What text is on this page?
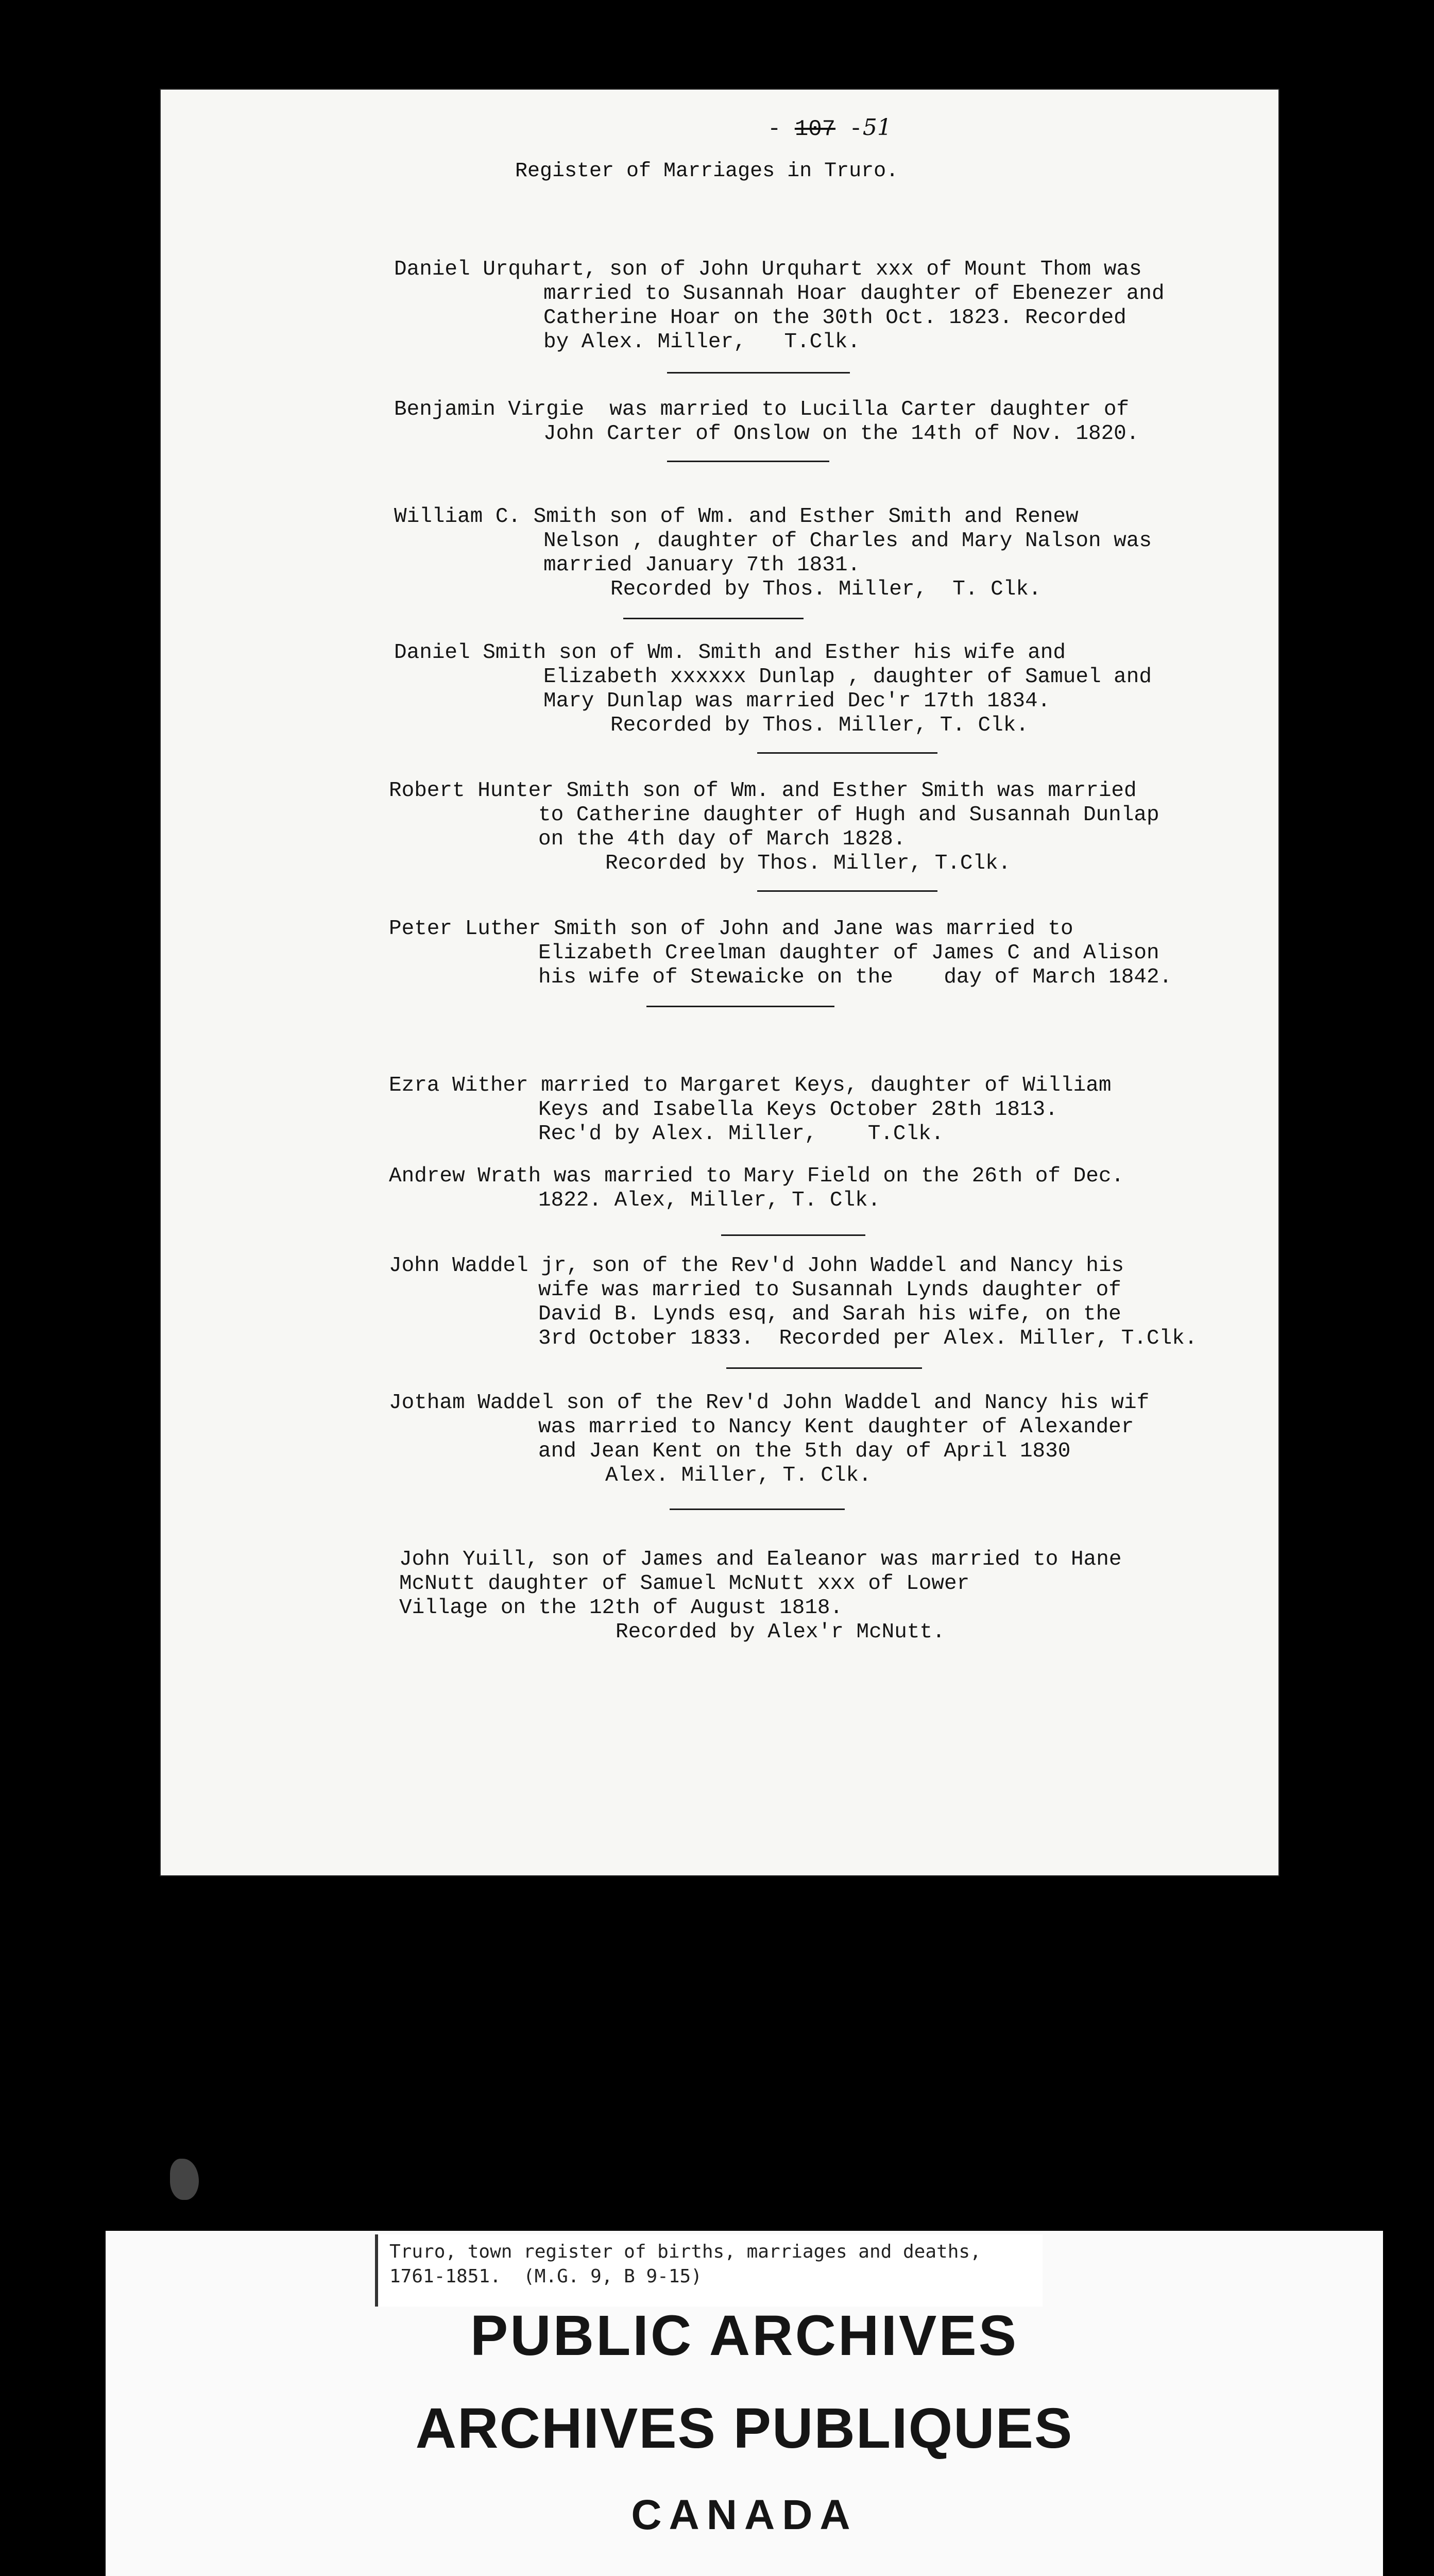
- 107 -51
Register of Marriages in Truro.
Daniel Urquhart, son of John Urquhart xxx of Mount Thom was
married to Susannah Hoar daughter of Ebenezer and
Catherine Hoar on the 30th Oct. 1823. Recorded
by Alex. Miller,   T.Clk.
Benjamin Virgie  was married to Lucilla Carter daughter of
John Carter of Onslow on the 14th of Nov. 1820.
William C. Smith son of Wm. and Esther Smith and Renew
Nelson , daughter of Charles and Mary Nalson was
married January 7th 1831.
Recorded by Thos. Miller,  T. Clk.
Daniel Smith son of Wm. Smith and Esther his wife and
Elizabeth xxxxxx Dunlap , daughter of Samuel and
Mary Dunlap was married Dec'r 17th 1834.
Recorded by Thos. Miller, T. Clk.
Robert Hunter Smith son of Wm. and Esther Smith was married
to Catherine daughter of Hugh and Susannah Dunlap
on the 4th day of March 1828.
Recorded by Thos. Miller, T.Clk.
Peter Luther Smith son of John and Jane was married to
Elizabeth Creelman daughter of James C and Alison
his wife of Stewaicke on the    day of March 1842.
Ezra Wither married to Margaret Keys, daughter of William
Keys and Isabella Keys October 28th 1813.
Rec'd by Alex. Miller,    T.Clk.
Andrew Wrath was married to Mary Field on the 26th of Dec.
1822. Alex, Miller, T. Clk.
John Waddel jr, son of the Rev'd John Waddel and Nancy his
wife was married to Susannah Lynds daughter of
David B. Lynds esq, and Sarah his wife, on the
3rd October 1833.  Recorded per Alex. Miller, T.Clk.
Jotham Waddel son of the Rev'd John Waddel and Nancy his wif
was married to Nancy Kent daughter of Alexander
and Jean Kent on the 5th day of April 1830
Alex. Miller, T. Clk.
John Yuill, son of James and Ealeanor was married to Hane
McNutt daughter of Samuel McNutt xxx of Lower
Village on the 12th of August 1818.
Recorded by Alex'r McNutt.
​
Truro, town register of births, marriages and deaths,
1761-1851.  (M.G. 9, B 9-15)
PUBLIC ARCHIVES
ARCHIVES PUBLIQUES
CANADA
